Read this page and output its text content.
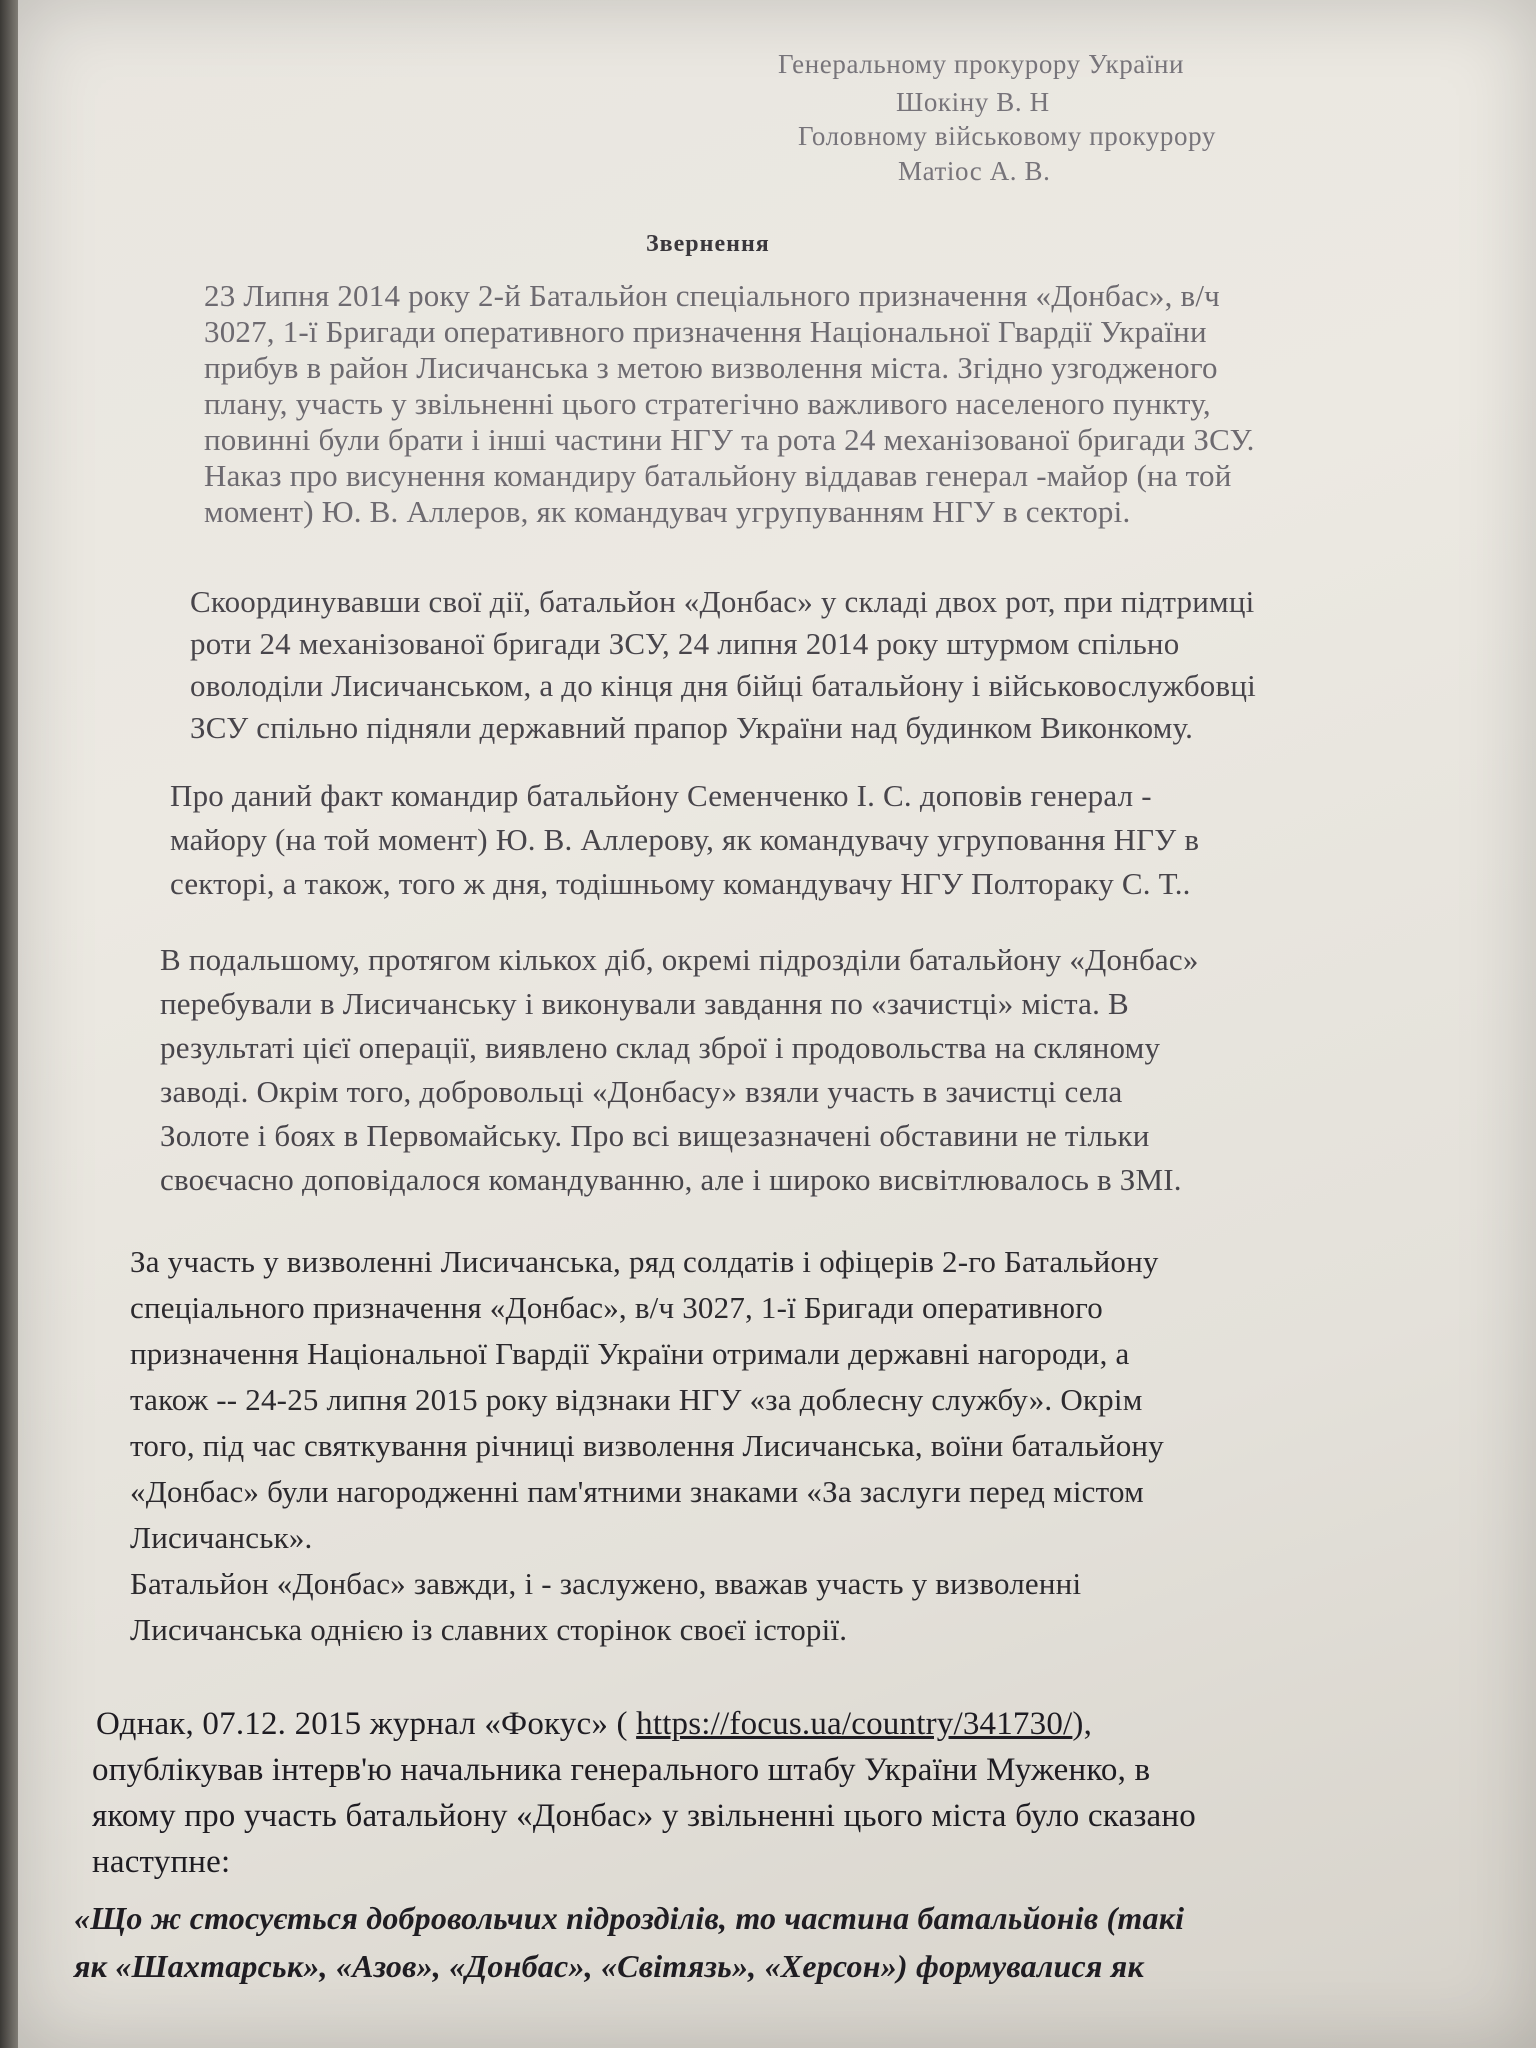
Генеральному прокурору України
Шокіну В. Н
Головному військовому прокурору
Матіос А. В.
Звернення
23 Липня 2014 року 2-й Батальйон спеціального призначення «Донбас», в/ч
3027, 1-ї Бригади оперативного призначення Національної Гвардії України
прибув в район Лисичанська з метою визволення міста. Згідно узгодженого
плану, участь у звільненні цього стратегічно важливого населеного пункту,
повинні були брати і інші частини НГУ та рота 24 механізованої бригади ЗСУ.
Наказ про висунення командиру батальйону віддавав генерал -майор (на той
момент) Ю. В. Аллеров, як командувач угрупуванням НГУ в секторі.
Скоординувавши свої дії, батальйон «Донбас» у складі двох рот, при підтримці
роти 24 механізованої бригади ЗСУ, 24 липня 2014 року штурмом спільно
оволоділи Лисичанськом, а до кінця дня бійці батальйону і військовослужбовці
ЗСУ спільно підняли державний прапор України над будинком Виконкому.
Про даний факт командир батальйону Семенченко І. С. доповів генерал -
майору (на той момент) Ю. В. Аллерову, як командувачу угруповання НГУ в
секторі, а також, того ж дня, тодішньому командувачу НГУ Полтораку С. Т..
В подальшому, протягом кількох діб, окремі підрозділи батальйону «Донбас»
перебували в Лисичанську і виконували завдання по «зачистці» міста. В
результаті цієї операції, виявлено склад зброї і продовольства на скляному
заводі. Окрім того, добровольці «Донбасу» взяли участь в зачистці села
Золоте і боях в Первомайську. Про всі вищезазначені обставини не тільки
своєчасно доповідалося командуванню, але і широко висвітлювалось в ЗМІ.
За участь у визволенні Лисичанська, ряд солдатів і офіцерів 2-го Батальйону
спеціального призначення «Донбас», в/ч 3027, 1-ї Бригади оперативного
призначення Національної Гвардії України отримали державні нагороди, а
також -- 24-25 липня 2015 року відзнаки НГУ «за доблесну службу». Окрім
того, під час святкування річниці визволення Лисичанська, воїни батальйону
«Донбас» були нагородженні пам'ятними знаками «За заслуги перед містом
Лисичанськ».
Батальйон «Донбас» завжди, і - заслужено, вважав участь у визволенні
Лисичанська однією із славних сторінок своєї історії.
Однак, 07.12. 2015 журнал «Фокус» ( https://focus.ua/country/341730/),
опублікував інтерв'ю начальника генерального штабу України Муженко, в
якому про участь батальйону «Донбас» у звільненні цього міста було сказано
наступне:
«Що ж стосується добровольчих підрозділів, то частина батальйонів (такі
як «Шахтарськ», «Азов», «Донбас», «Світязь», «Херсон») формувалися як
